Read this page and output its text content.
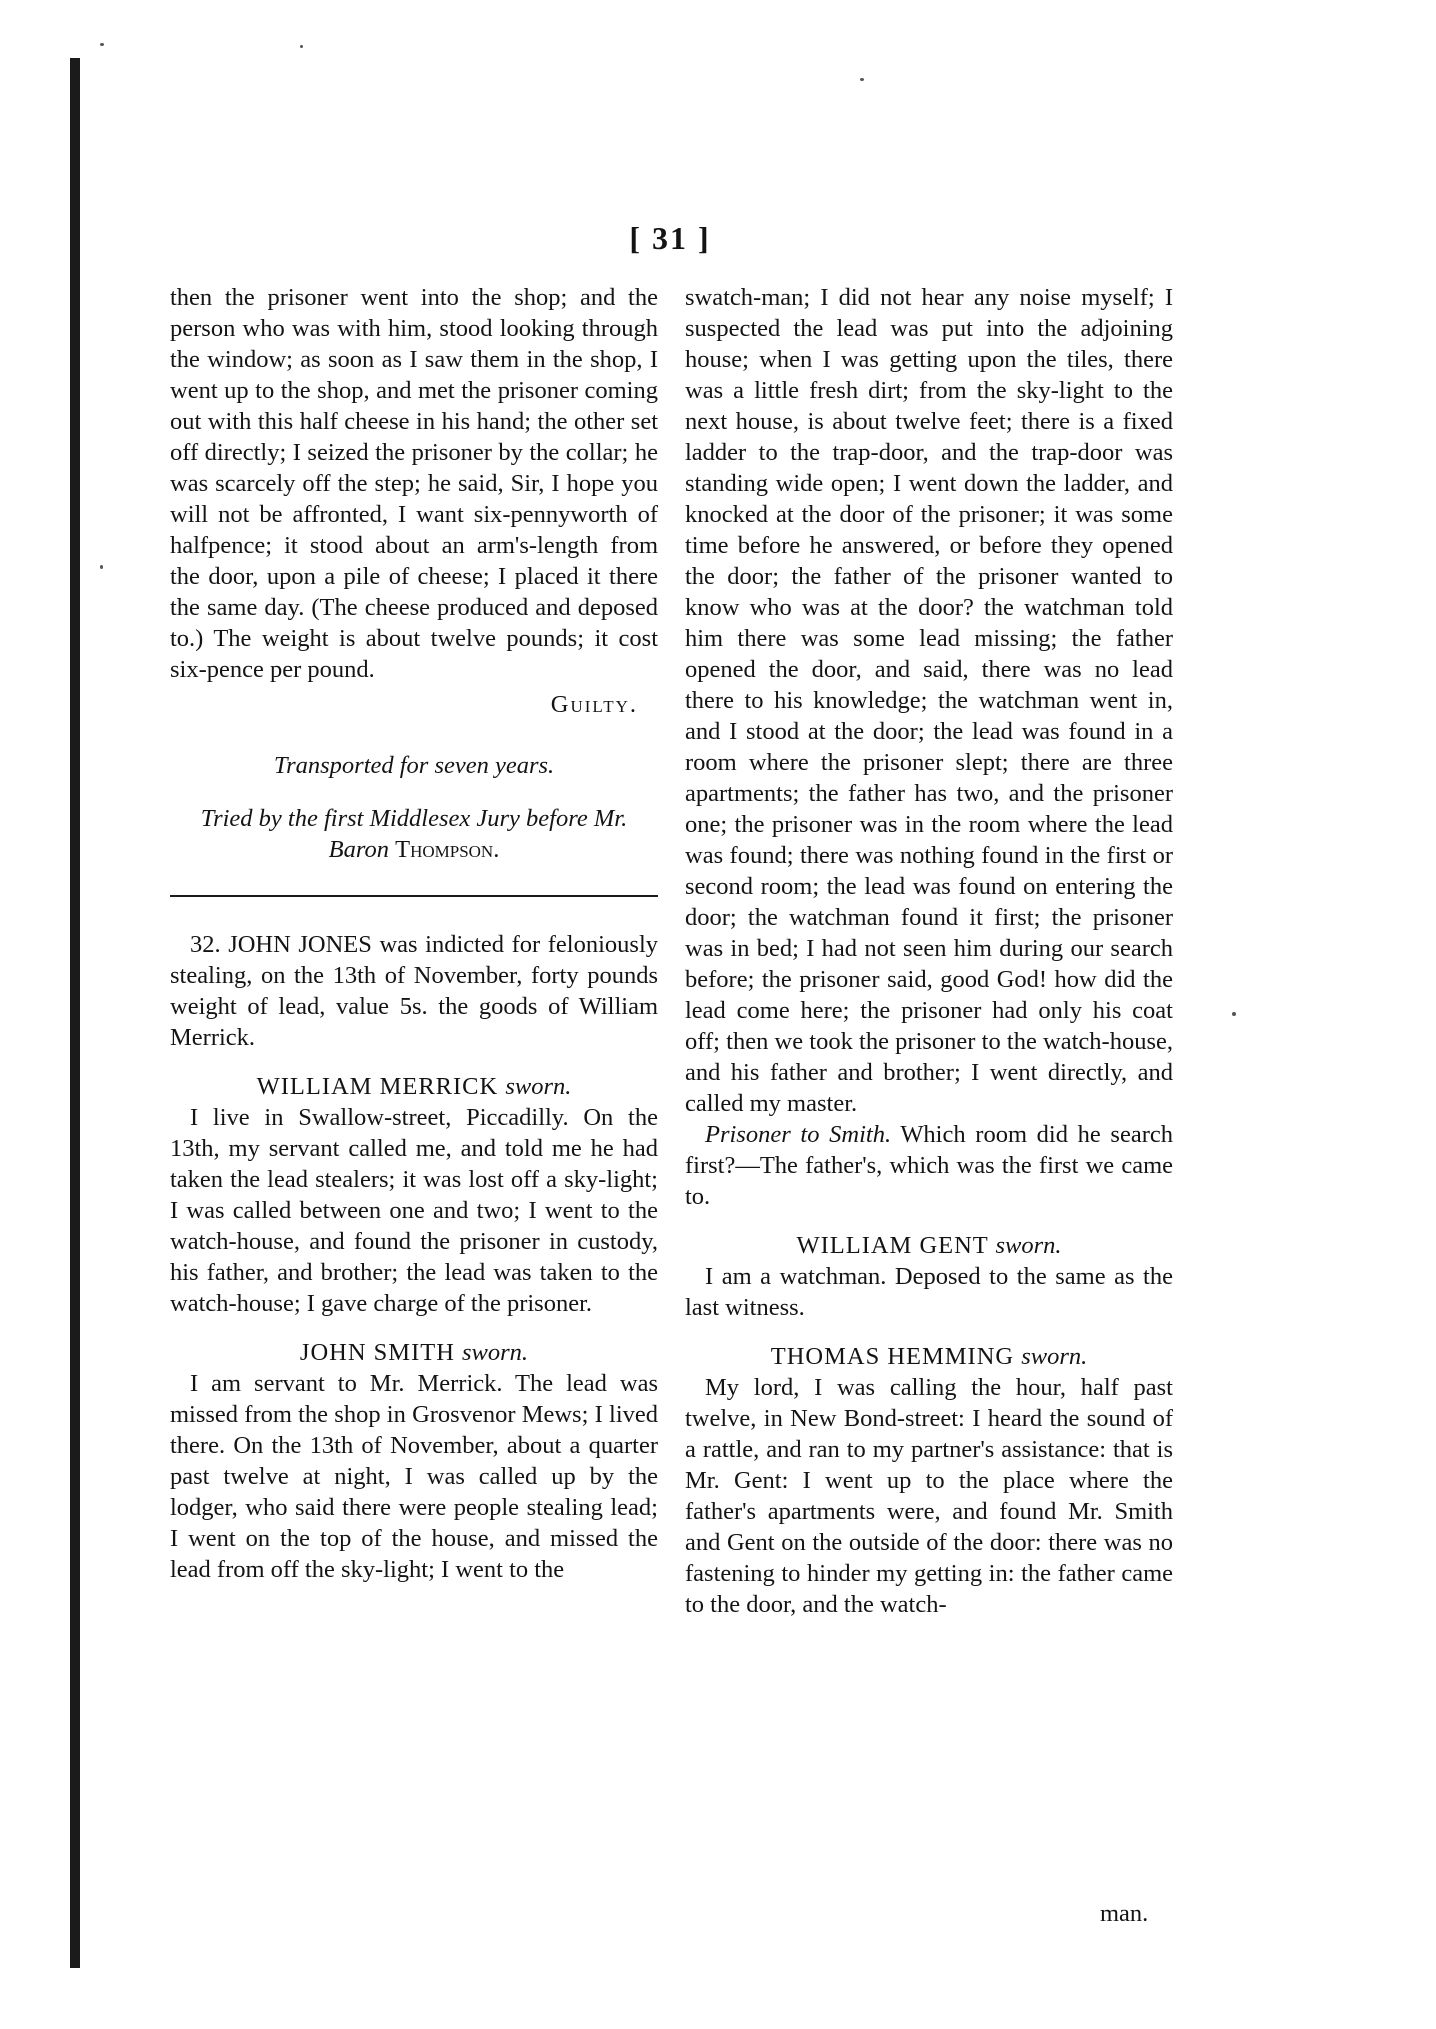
[ 31 ]

then the prisoner went into the shop; and the person who was with him, stood looking through the window; as soon as I saw them in the shop, I went up to the shop, and met the prisoner coming out with this half cheese in his hand; the other set off directly; I seized the prisoner by the collar; he was scarcely off the step; he said, Sir, I hope you will not be affronted, I want six-pennyworth of halfpence; it stood about an arm's-length from the door, upon a pile of cheese; I placed it there the same day. (The cheese produced and deposed to.) The weight is about twelve pounds; it cost six-pence per pound.

Guilty.
Transported for seven years.
Tried by the first Middlesex Jury before Mr. Baron Thompson.

32. JOHN JONES was indicted for feloniously stealing, on the 13th of November, forty pounds weight of lead, value 5s. the goods of William Merrick.

WILLIAM MERRICK sworn.

I live in Swallow-street, Piccadilly. On the 13th, my servant called me, and told me he had taken the lead stealers; it was lost off a sky-light; I was called between one and two; I went to the watch-house, and found the prisoner in custody, his father, and brother; the lead was taken to the watch-house; I gave charge of the prisoner.

JOHN SMITH sworn.

I am servant to Mr. Merrick. The lead was missed from the shop in Grosvenor Mews; I lived there. On the 13th of November, about a quarter past twelve at night, I was called up by the lodger, who said there were people stealing lead; I went on the top of the house, and missed the lead from off the sky-light; I went to the

swatch-man; I did not hear any noise myself; I suspected the lead was put into the adjoining house; when I was getting upon the tiles, there was a little fresh dirt; from the sky-light to the next house, is about twelve feet; there is a fixed ladder to the trap-door, and the trap-door was standing wide open; I went down the ladder, and knocked at the door of the prisoner; it was some time before he answered, or before they opened the door; the father of the prisoner wanted to know who was at the door? the watchman told him there was some lead missing; the father opened the door, and said, there was no lead there to his knowledge; the watchman went in, and I stood at the door; the lead was found in a room where the prisoner slept; there are three apartments; the father has two, and the prisoner one; the prisoner was in the room where the lead was found; there was nothing found in the first or second room; the lead was found on entering the door; the watchman found it first; the prisoner was in bed; I had not seen him during our search before; the prisoner said, good God! how did the lead come here; the prisoner had only his coat off; then we took the prisoner to the watch-house, and his father and brother; I went directly, and called my master.

Prisoner to Smith. Which room did he search first?—The father's, which was the first we came to.

WILLIAM GENT sworn.

I am a watchman. Deposed to the same as the last witness.

THOMAS HEMMING sworn.

My lord, I was calling the hour, half past twelve, in New Bond-street: I heard the sound of a rattle, and ran to my partner's assistance: that is Mr. Gent: I went up to the place where the father's apartments were, and found Mr. Smith and Gent on the outside of the door: there was no fastening to hinder my getting in: the father came to the door, and the watch-

man.
